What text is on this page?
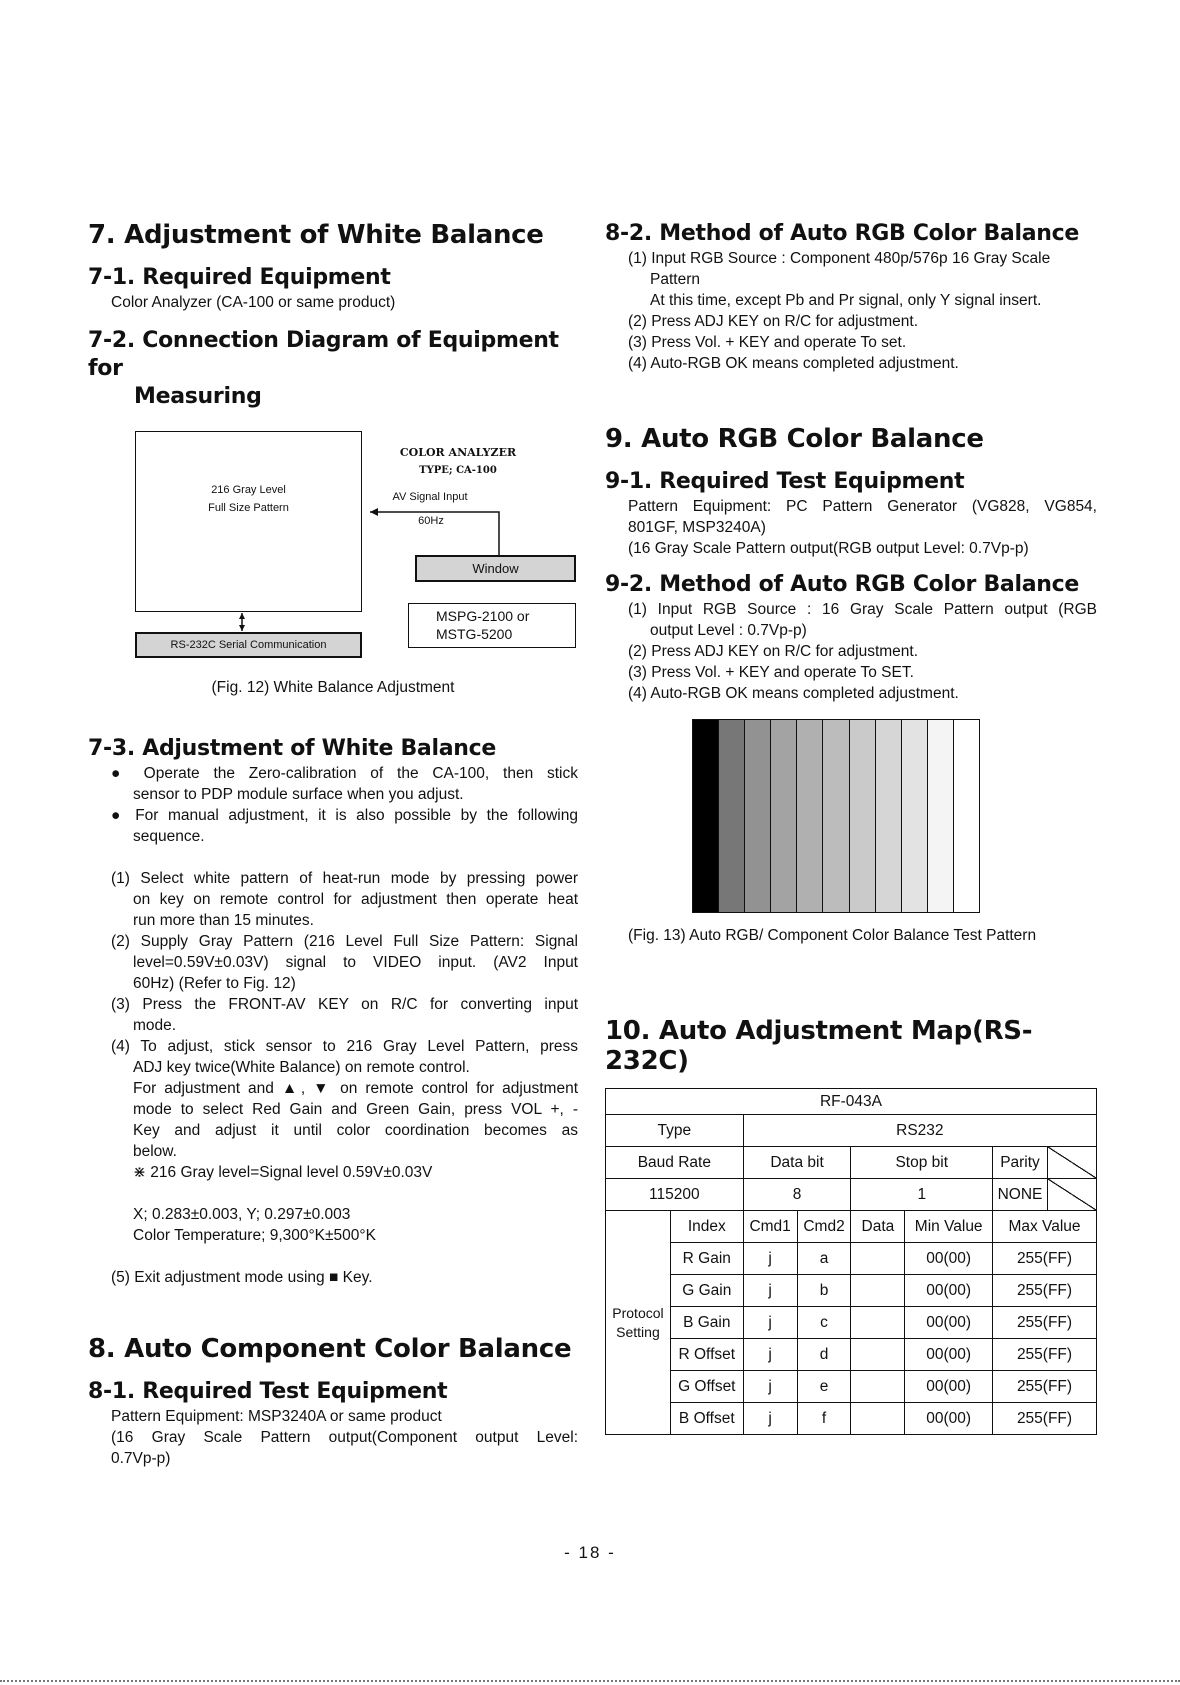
7. Adjustment of White Balance
7-1. Required Equipment

Color Analyzer (CA-100 or same product)

7-2. Connection Diagram of Equipment for
Measuring
216 Gray Level
Full Size Pattern
COLOR ANALYZER
TYPE; CA-100
AV Signal Input
60Hz
Window
MSPG-2100 or
MSTG-5200
RS-232C Serial Communication

(Fig. 12) White Balance Adjustment

7-3. Adjustment of White Balance

● Operate the Zero-calibration of the CA-100, then stick

sensor to PDP module surface when you adjust.

● For manual adjustment, it is also possible by the following

sequence.

(1) Select white pattern of heat-run mode by pressing power

on key on remote control for adjustment then operate heat

run more than 15 minutes.

(2) Supply Gray Pattern (216 Level Full Size Pattern: Signal

level=0.59V±0.03V) signal to VIDEO input. (AV2 Input

60Hz) (Refer to Fig. 12)

(3) Press the FRONT-AV KEY on R/C for converting input

mode.

(4) To adjust, stick sensor to 216 Gray Level Pattern, press

ADJ key twice(White Balance) on remote control.

For adjustment and ▲, ▼ on remote control for adjustment

mode to select Red Gain and Green Gain, press VOL +, -

Key and adjust it until color coordination becomes as

below.

⋇ 216 Gray level=Signal level 0.59V±0.03V

X; 0.283±0.003, Y; 0.297±0.003

Color Temperature; 9,300°K±500°K

(5) Exit adjustment mode using ■ Key.

8. Auto Component Color Balance
8-1. Required Test Equipment

Pattern Equipment: MSP3240A or same product

(16 Gray Scale Pattern output(Component output Level:

0.7Vp-p)

8-2. Method of Auto RGB Color Balance

(1) Input RGB Source : Component 480p/576p 16 Gray Scale

Pattern

At this time, except Pb and Pr signal, only Y signal insert.

(2) Press ADJ KEY on R/C for adjustment.

(3) Press Vol. + KEY and operate To set.

(4) Auto-RGB OK means completed adjustment.

9. Auto RGB Color Balance
9-1. Required Test Equipment

Pattern Equipment: PC Pattern Generator (VG828, VG854,

801GF, MSP3240A)

(16 Gray Scale Pattern output(RGB output Level: 0.7Vp-p)

9-2. Method of Auto RGB Color Balance

(1) Input RGB Source : 16 Gray Scale Pattern output (RGB

output Level : 0.7Vp-p)

(2) Press ADJ KEY on R/C for adjustment.

(3) Press Vol. + KEY and operate To SET.

(4) Auto-RGB OK means completed adjustment.

(Fig. 13) Auto RGB/ Component Color Balance Test Pattern

10. Auto Adjustment Map(RS-232C)
RF-043A						
Type		RS232				
Baud Rate		Data bit		Stop bit		Parity

115200		8		1		NONE

Protocol
Setting	Index	Cmd1	Cmd2	Data	Min Value	Max Value
	R Gain	j	a		00(00)	255(FF)
	G Gain	j	b		00(00)	255(FF)
	B Gain	j	c		00(00)	255(FF)
	R Offset	j	d		00(00)	255(FF)
	G Offset	j	e		00(00)	255(FF)
	B Offset	j	f		00(00)	255(FF)
- 18 -
